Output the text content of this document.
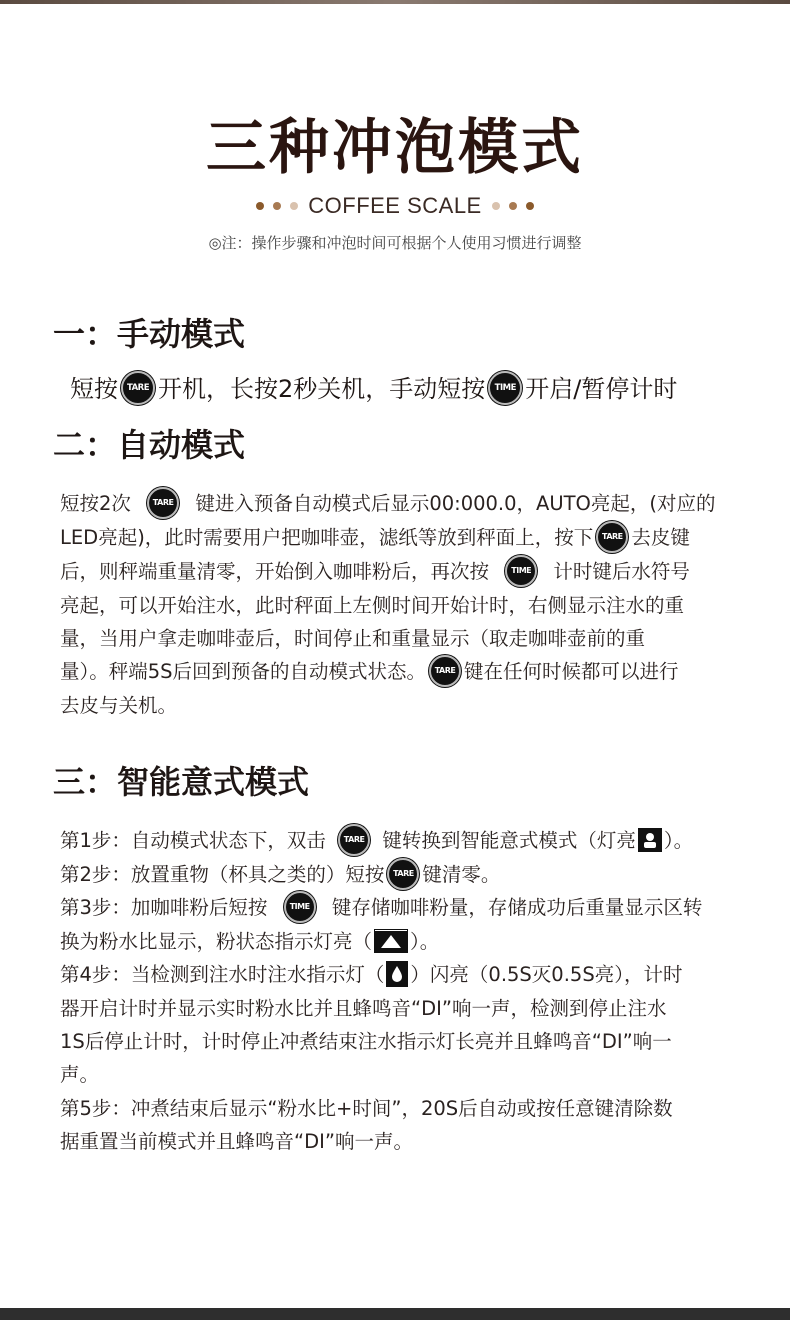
三种冲泡模式
COFFEE SCALE
◎注：操作步骤和冲泡时间可根据个人使用习惯进行调整
一：手动模式
短按 TARE 开机，长按2秒关机，手动短按 TIME 开启/暂停计时
二：自动模式
短按2次	TARE 键进入预备自动模式后显示00:000.0，AUTO亮起，(对应的
LED亮起)，此时需要用户把咖啡壶，滤纸等放到秤面上，按下 TARE 去皮键
后，则秤端重量清零，开始倒入咖啡粉后，再次按	TIME 计时键后水符号
亮起，可以开始注水，此时秤面上左侧时间开始计时，右侧显示注水的重
量，当用户拿走咖啡壶后，时间停止和重量显示（取走咖啡壶前的重
量）。秤端5S后回到预备的自动模式状态。 TARE 键在任何时候都可以进行
去皮与关机。
三：智能意式模式
第1步：自动模式状态下，双击 TARE 键转换到智能意式模式（灯亮 ）。
第2步：放置重物（杯具之类的）短按 TARE 键清零。
第3步：加咖啡粉后短按	TIME 键存储咖啡粉量，存储成功后重量显示区转
换为粉水比显示，粉状态指示灯亮（ ）。
第4步：当检测到注水时注水指示灯（ ）闪亮（0.5S灭0.5S亮），计时
器开启计时并显示实时粉水比并且蜂鸣音“DI”响一声，检测到停止注水
1S后停止计时，计时停止冲煮结束注水指示灯长亮并且蜂鸣音“DI”响一
声。
第5步：冲煮结束后显示“粉水比+时间”，20S后自动或按任意键清除数
据重置当前模式并且蜂鸣音“DI”响一声。
